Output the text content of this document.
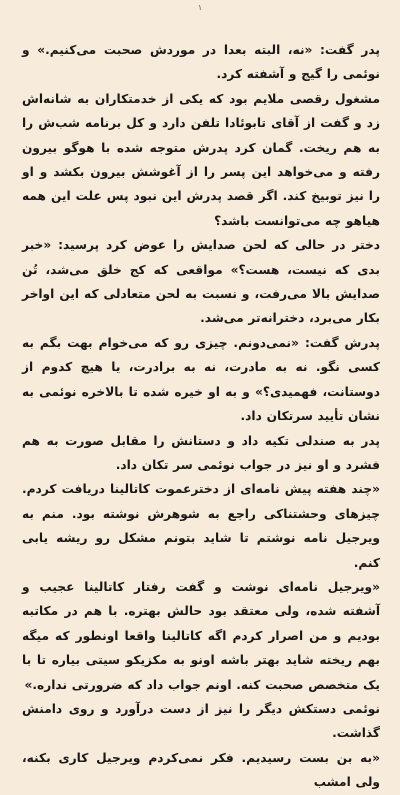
۱

پدر گفت: «نه، البته بعدا در موردش صحبت می‌کنیم.» و نوئمی را گیج و آشفته کرد.

مشغول رقصی ملایم بود که یکی از خدمتکاران به شانه‌اش زد و گفت از آقای تابوئادا تلفن دارد و کل برنامه شب‌ش را به هم ریخت. گمان کرد پدرش متوجه شده با هوگو بیرون رفته و می‌خواهد این پسر را از آغوشش بیرون بکشد و او را نیز توبیخ کند. اگر قصد پدرش این نبود پس علت این همه هیاهو چه می‌توانست باشد؟

دختر در حالی که لحن صدایش را عوض کرد پرسید: «خبر بدی که نیست، هست؟» مواقعی که کج خلق می‌شد، تُن صدایش بالا می‌رفت، و نسبت به لحن متعادلی که این اواخر بکار می‌برد، دخترانه‌تر می‌شد.

پدرش گفت: «نمی‌دونم. چیزی رو که می‌خوام بهت بگم به کسی نگو. نه به مادرت، نه به برادرت، یا هیچ کدوم از دوستانت، فهمیدی؟» و به او خیره شده تا بالاخره نوئمی به نشان تأیید سرتکان داد.

پدر به صندلی تکیه داد و دستانش را مقابل صورت به هم فشرد و او نیز در جواب نوئمی سر تکان داد.

«چند هفته پیش نامه‌ای از دخترعموت کاتالینا دریافت کردم. چیزهای وحشتناکی راجع به شوهرش نوشته بود. منم به ویرجیل نامه نوشتم تا شاید بتونم مشکل رو ریشه یابی کنم.

«ویرجیل نامه‌ای نوشت و گفت رفتار کاتالینا عجیب و آشفته شده، ولی معتقد بود حالش بهتره. با هم در مکاتبه بودیم و من اصرار کردم اگه کاتالینا واقعا اونطور که میگه بهم ریخته شاید بهتر باشه اونو به مکزیکو سیتی بیاره تا با یک متخصص صحبت کنه. اونم جواب داد که ضرورتی نداره.»

نوئمی دستکش دیگر را نیز از دست درآورد و روی دامنش گذاشت.

«به بن بست رسیدیم. فکر نمی‌کردم ویرجیل کاری بکنه، ولی امشب
